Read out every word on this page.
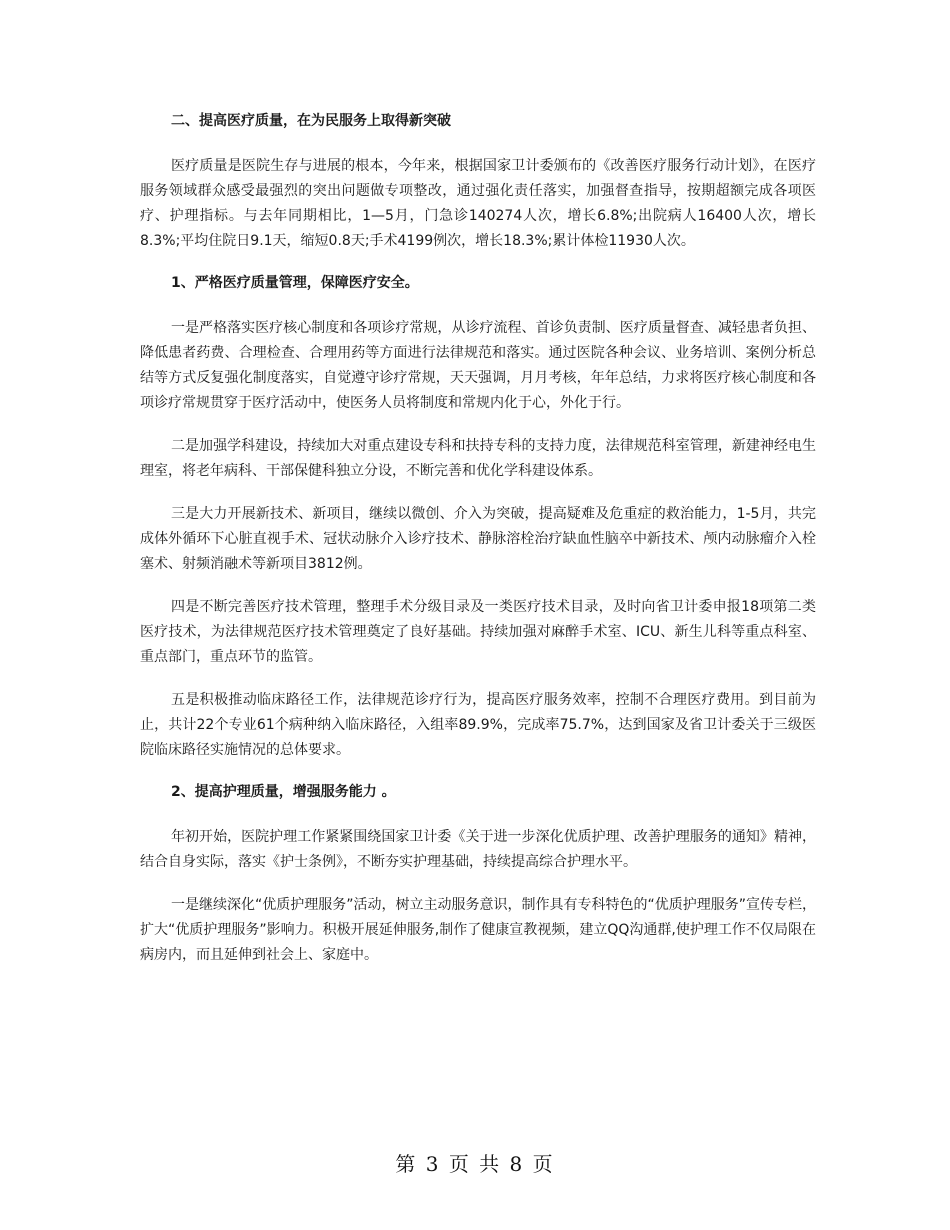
二、提高医疗质量，在为民服务上取得新突破

医疗质量是医院生存与进展的根本，今年来，根据国家卫计委颁布的《改善医疗服务行动计划》，在医疗服务领域群众感受最强烈的突出问题做专项整改，通过强化责任落实，加强督查指导，按期超额完成各项医疗、护理指标。与去年同期相比，1—5月，门急诊140274人次，增长6.8%;出院病人16400人次，增长8.3%;平均住院日9.1天，缩短0.8天;手术4199例次，增长18.3%;累计体检11930人次。

1、严格医疗质量管理，保障医疗安全。

一是严格落实医疗核心制度和各项诊疗常规，从诊疗流程、首诊负责制、医疗质量督查、减轻患者负担、降低患者药费、合理检查、合理用药等方面进行法律规范和落实。通过医院各种会议、业务培训、案例分析总结等方式反复强化制度落实，自觉遵守诊疗常规，天天强调，月月考核，年年总结，力求将医疗核心制度和各项诊疗常规贯穿于医疗活动中，使医务人员将制度和常规内化于心，外化于行。

二是加强学科建设，持续加大对重点建设专科和扶持专科的支持力度，法律规范科室管理，新建神经电生理室，将老年病科、干部保健科独立分设，不断完善和优化学科建设体系。

三是大力开展新技术、新项目，继续以微创、介入为突破，提高疑难及危重症的救治能力，1-5月，共完成体外循环下心脏直视手术、冠状动脉介入诊疗技术、静脉溶栓治疗缺血性脑卒中新技术、颅内动脉瘤介入栓塞术、射频消融术等新项目3812例。

四是不断完善医疗技术管理，整理手术分级目录及一类医疗技术目录，及时向省卫计委申报18项第二类医疗技术，为法律规范医疗技术管理奠定了良好基础。持续加强对麻醉手术室、ICU、新生儿科等重点科室、重点部门，重点环节的监管。

五是积极推动临床路径工作，法律规范诊疗行为，提高医疗服务效率，控制不合理医疗费用。到目前为止，共计22个专业61个病种纳入临床路径，入组率89.9%，完成率75.7%，达到国家及省卫计委关于三级医院临床路径实施情况的总体要求。

2、提高护理质量，增强服务能力 。

年初开始，医院护理工作紧紧围绕国家卫计委《关于进一步深化优质护理、改善护理服务的通知》精神，结合自身实际，落实《护士条例》，不断夯实护理基础，持续提高综合护理水平。

一是继续深化“优质护理服务”活动，树立主动服务意识，制作具有专科特色的“优质护理服务”宣传专栏，扩大“优质护理服务”影响力。积极开展延伸服务,制作了健康宣教视频，建立QQ沟通群,使护理工作不仅局限在病房内，而且延伸到社会上、家庭中。

第 3 页 共 8 页
